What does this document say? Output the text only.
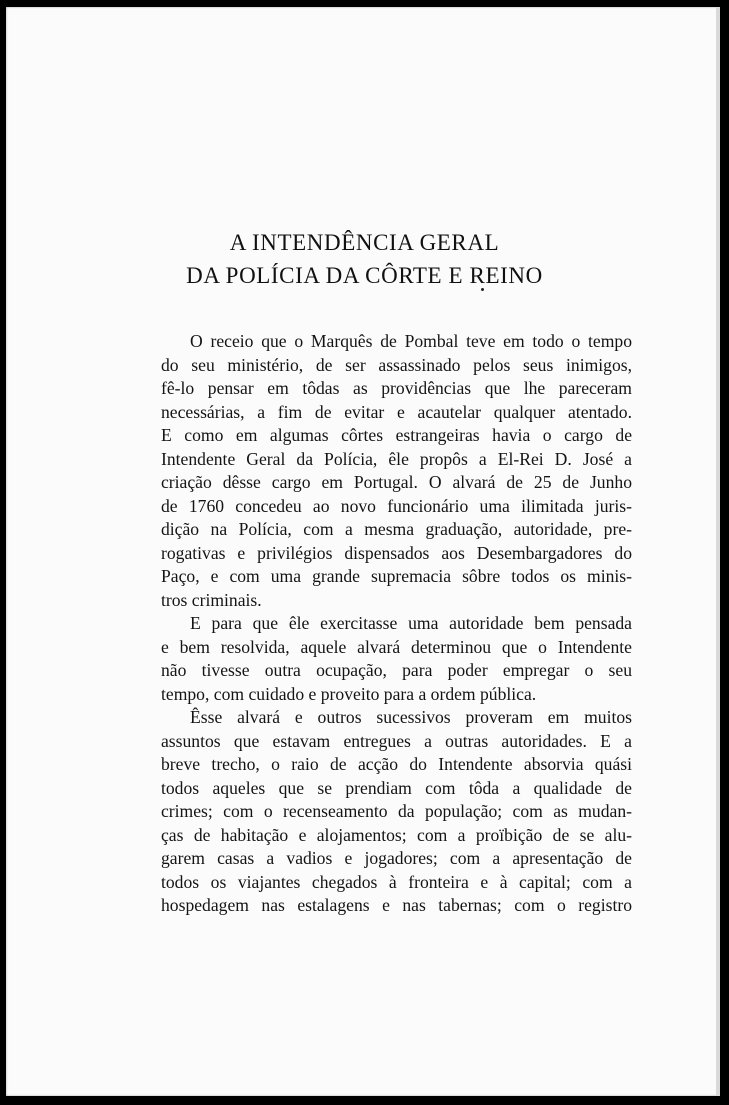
A INTENDÊNCIA GERAL
DA POLÍCIA DA CÔRTE E REINO
O receio que o Marquês de Pombal teve em todo o tempo
do seu ministério, de ser assassinado pelos seus inimigos,
fê-lo pensar em tôdas as providências que lhe pareceram
necessárias, a fim de evitar e acautelar qualquer atentado.
E como em algumas côrtes estrangeiras havia o cargo de
Intendente Geral da Polícia, êle propôs a El-Rei D. José a
criação dêsse cargo em Portugal. O alvará de 25 de Junho
de 1760 concedeu ao novo funcionário uma ilimitada juris-
dição na Polícia, com a mesma graduação, autoridade, pre-
rogativas e privilégios dispensados aos Desembargadores do
Paço, e com uma grande supremacia sôbre todos os minis-
tros criminais.
E para que êle exercitasse uma autoridade bem pensada
e bem resolvida, aquele alvará determinou que o Intendente
não tivesse outra ocupação, para poder empregar o seu
tempo, com cuidado e proveito para a ordem pública.
Êsse alvará e outros sucessivos proveram em muitos
assuntos que estavam entregues a outras autoridades. E a
breve trecho, o raio de acção do Intendente absorvia quási
todos aqueles que se prendiam com tôda a qualidade de
crimes; com o recenseamento da população; com as mudan-
ças de habitação e alojamentos; com a proïbição de se alu-
garem casas a vadios e jogadores; com a apresentação de
todos os viajantes chegados à fronteira e à capital; com a
hospedagem nas estalagens e nas tabernas; com o registro
